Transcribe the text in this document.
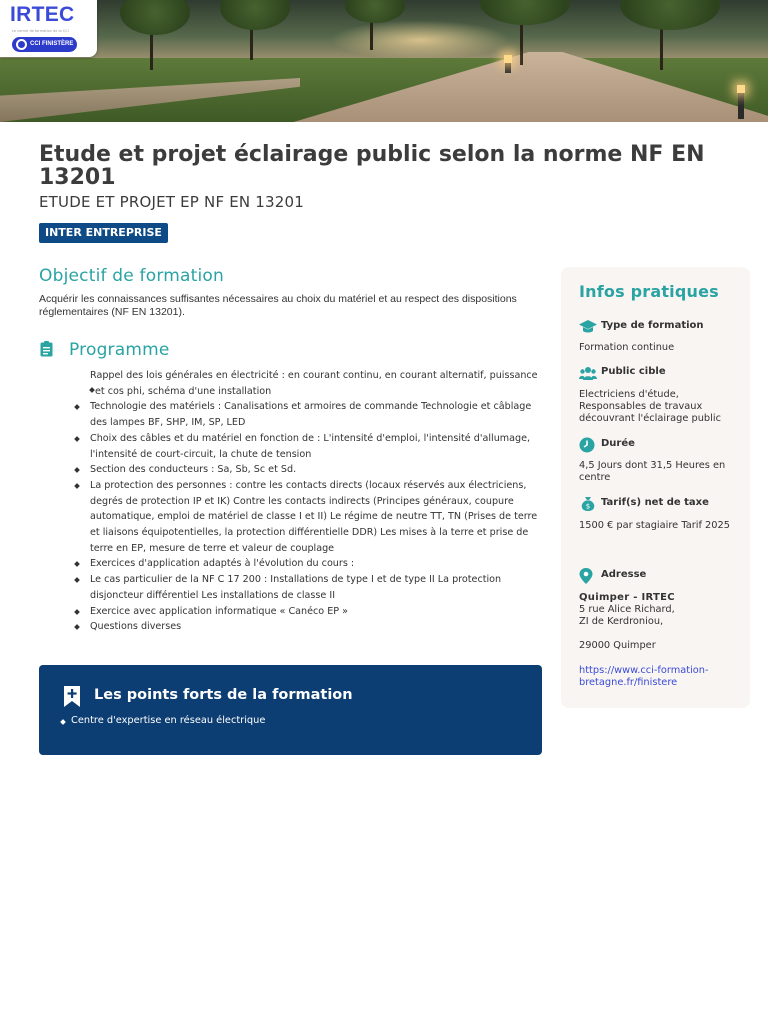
IRTEC
Le centre de formation de la CCI
CCI FINISTÈRE
Etude et projet éclairage public selon la norme NF EN 13201
ETUDE ET PROJET EP NF EN 13201
INTER ENTREPRISE
Objectif de formation

Acquérir les connaissances suffisantes nécessaires au choix du matériel et au respect des dispositions réglementaires (NF EN 13201).

Programme
Rappel des lois générales en électricité : en courant continu, en courant alternatif, puissance et cos phi, schéma d'une installation
Technologie des matériels : Canalisations et armoires de commande Technologie et câblage des lampes BF, SHP, IM, SP, LED
Choix des câbles et du matériel en fonction de : L'intensité d'emploi, l'intensité d'allumage, l'intensité de court-circuit, la chute de tension
Section des conducteurs : Sa, Sb, Sc et Sd.
La protection des personnes : contre les contacts directs (locaux réservés aux électriciens, degrés de protection IP et IK) Contre les contacts indirects (Principes généraux, coupure automatique, emploi de matériel de classe I et II) Le régime de neutre TT, TN (Prises de terre et liaisons équipotentielles, la protection différentielle DDR) Les mises à la terre et prise de terre en EP, mesure de terre et valeur de couplage
Exercices d'application adaptés à l'évolution du cours :
Le cas particulier de la NF C 17 200 : Installations de type I et de type II La protection disjoncteur différentiel Les installations de classe II
Exercice avec application informatique « Canéco EP »
Questions diverses
Les points forts de la formation
Centre d'expertise en réseau électrique
Infos pratiques
Type de formation
Formation continue
Public cible
Electriciens d'étude, Responsables de travaux découvrant l'éclairage public
Durée
4,5 Jours dont 31,5 Heures en centre
$ Tarif(s) net de taxe
1500 € par stagiaire Tarif 2025
Adresse
Quimper - IRTEC
5 rue Alice Richard,
ZI de Kerdroniou,
29000 Quimper
https://www.cci-formation-bretagne.fr/finistere
